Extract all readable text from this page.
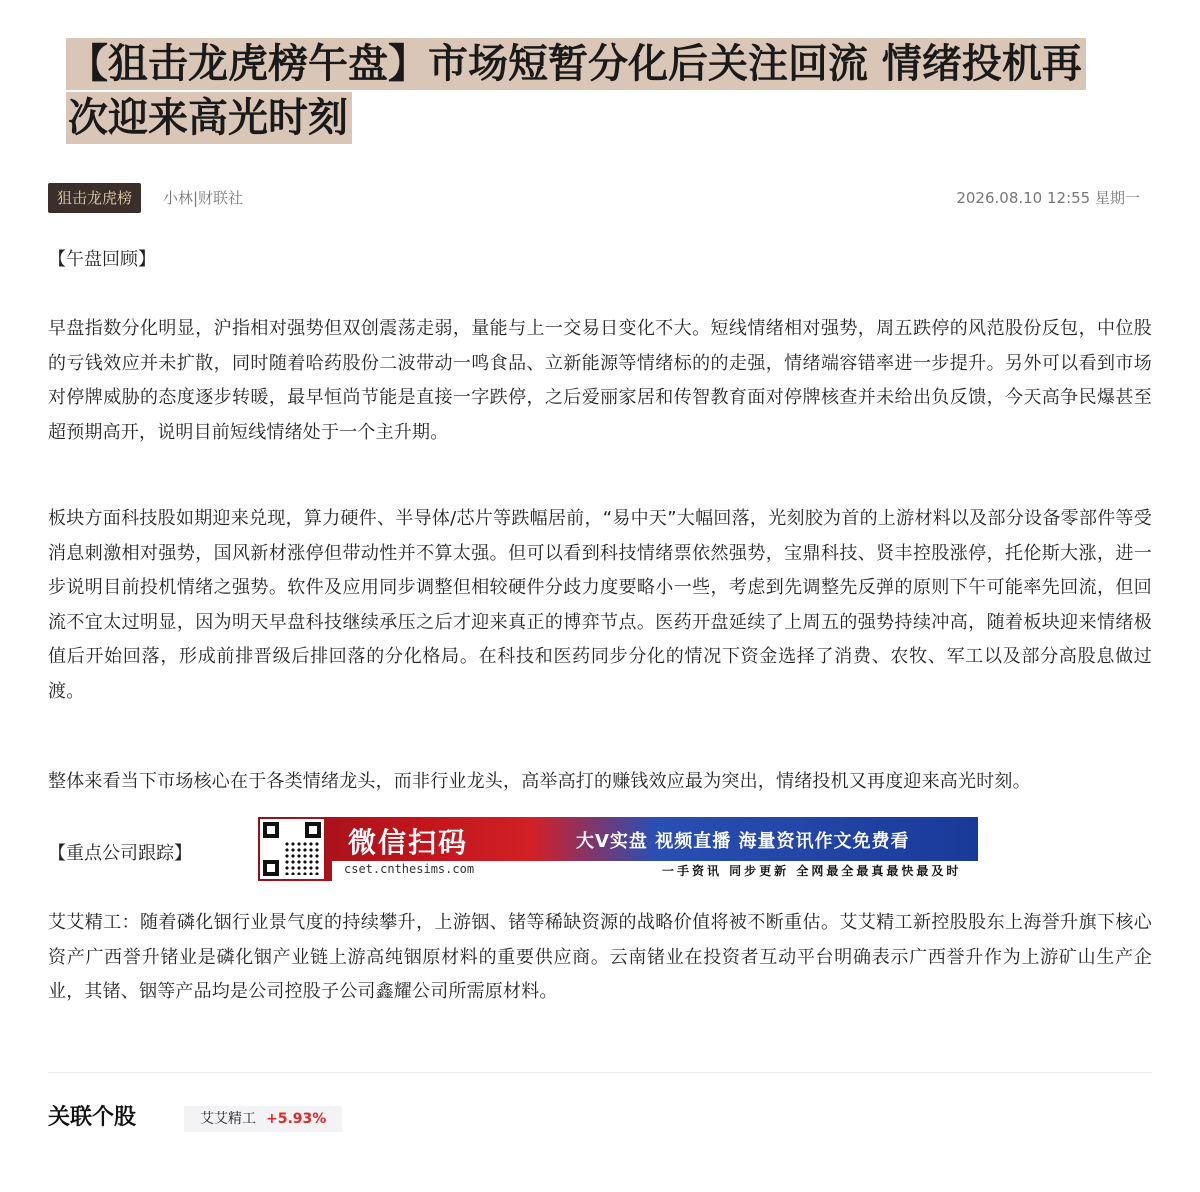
【狙击龙虎榜午盘】市场短暂分化后关注回流 情绪投机再
次迎来高光时刻
狙击龙虎榜	小林|财联社	2026.08.10 12:55 星期一
【午盘回顾】
早盘指数分化明显，沪指相对强势但双创震荡走弱，量能与上一交易日变化不大。短线情绪相对强势，周五跌停的风范股份反包，中位股的亏钱效应并未扩散，同时随着哈药股份二波带动一鸣食品、立新能源等情绪标的的走强，情绪端容错率进一步提升。另外可以看到市场对停牌威胁的态度逐步转暖，最早恒尚节能是直接一字跌停，之后爱丽家居和传智教育面对停牌核查并未给出负反馈，今天高争民爆甚至超预期高开，说明目前短线情绪处于一个主升期。
板块方面科技股如期迎来兑现，算力硬件、半导体/芯片等跌幅居前，“易中天”大幅回落，光刻胶为首的上游材料以及部分设备零部件等受消息刺激相对强势，国风新材涨停但带动性并不算太强。但可以看到科技情绪票依然强势，宝鼎科技、贤丰控股涨停，托伦斯大涨，进一步说明目前投机情绪之强势。软件及应用同步调整但相较硬件分歧力度要略小一些，考虑到先调整先反弹的原则下午可能率先回流，但回流不宜太过明显，因为明天早盘科技继续承压之后才迎来真正的博弈节点。医药开盘延续了上周五的强势持续冲高，随着板块迎来情绪极值后开始回落，形成前排晋级后排回落的分化格局。在科技和医药同步分化的情况下资金选择了消费、农牧、军工以及部分高股息做过渡。
整体来看当下市场核心在于各类情绪龙头，而非行业龙头，高举高打的赚钱效应最为突出，情绪投机又再度迎来高光时刻。
【重点公司跟踪】	微信扫码	大V实盘 视频直播 海量资讯作文免费看
cset.cnthesims.com	一手资讯 同步更新 全网最全最真最快最及时
艾艾精工：随着磷化铟行业景气度的持续攀升，上游铟、锗等稀缺资源的战略价值将被不断重估。艾艾精工新控股股东上海誉升旗下核心资产广西誉升锗业是磷化铟产业链上游高纯铟原材料的重要供应商。云南锗业在投资者互动平台明确表示广西誉升作为上游矿山生产企业，其锗、铟等产品均是公司控股子公司鑫耀公司所需原材料。
关联个股	艾艾精工 +5.93%
